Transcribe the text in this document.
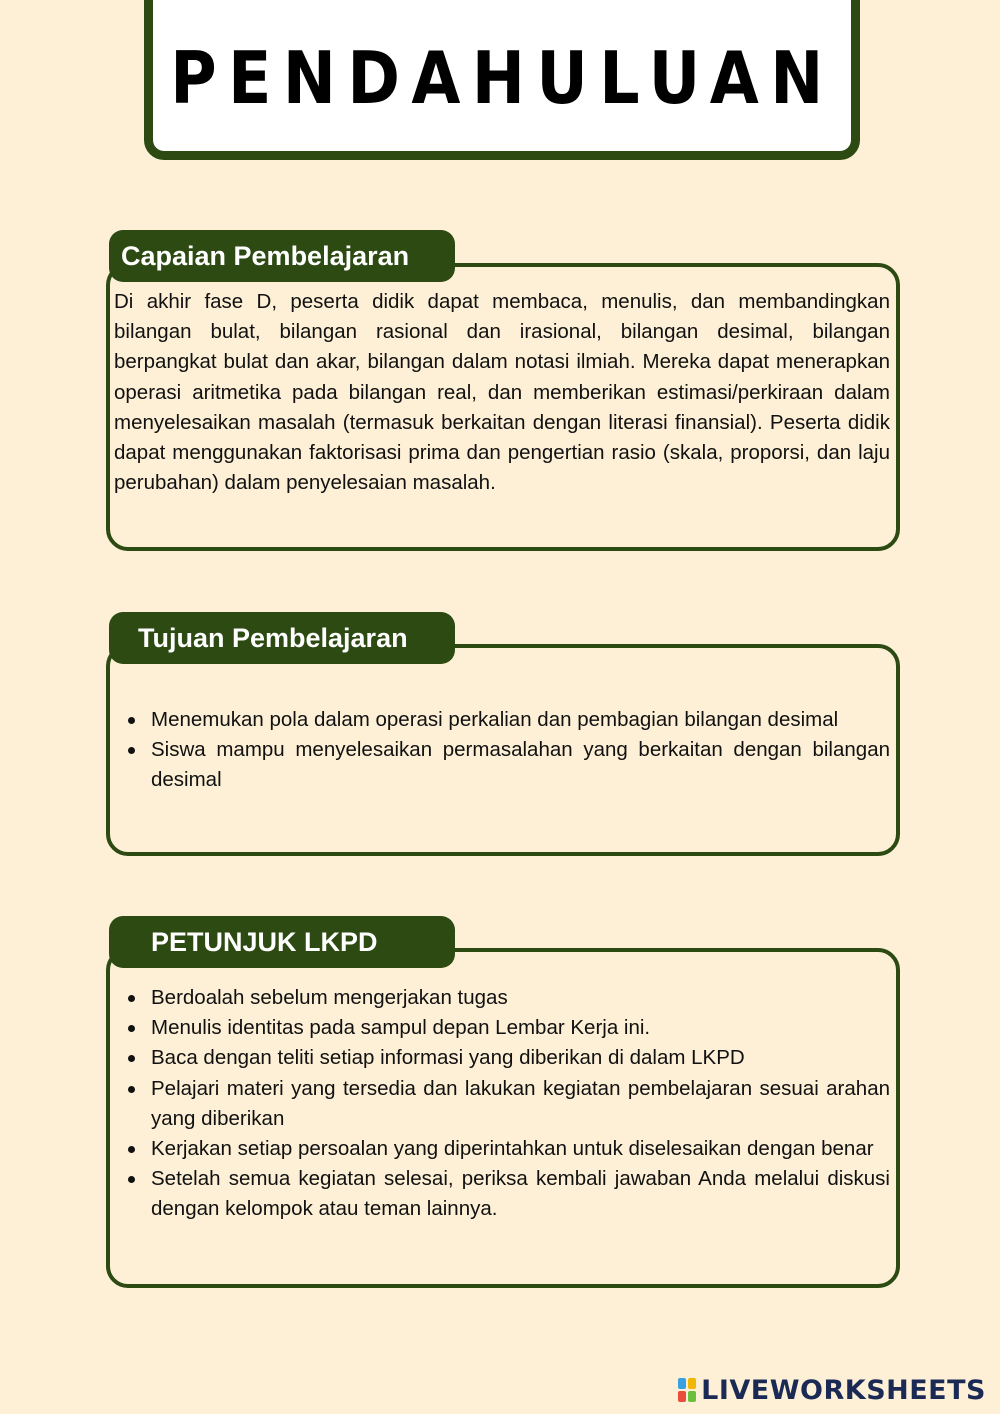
PENDAHULUAN
Capaian Pembelajaran
Di akhir fase D, peserta didik dapat membaca, menulis, dan membandingkan bilangan bulat, bilangan rasional dan irasional, bilangan desimal, bilangan berpangkat bulat dan akar, bilangan dalam notasi ilmiah. Mereka dapat menerapkan operasi aritmetika pada bilangan real, dan memberikan estimasi/perkiraan dalam menyelesaikan masalah (termasuk berkaitan dengan literasi finansial). Peserta didik dapat menggunakan faktorisasi prima dan pengertian rasio (skala, proporsi, dan laju perubahan) dalam penyelesaian masalah.
Tujuan Pembelajaran
Menemukan pola dalam operasi perkalian dan pembagian bilangan desimal
Siswa mampu menyelesaikan permasalahan yang berkaitan dengan bilangan desimal
PETUNJUK LKPD
Berdoalah sebelum mengerjakan tugas
Menulis identitas pada sampul depan Lembar Kerja ini.
Baca dengan teliti setiap informasi yang diberikan di dalam LKPD
Pelajari materi yang tersedia dan lakukan kegiatan pembelajaran sesuai arahan yang diberikan
Kerjakan setiap persoalan yang diperintahkan untuk diselesaikan dengan benar
Setelah semua kegiatan selesai, periksa kembali jawaban Anda melalui diskusi dengan kelompok atau teman lainnya.
LIVEWORKSHEETS
